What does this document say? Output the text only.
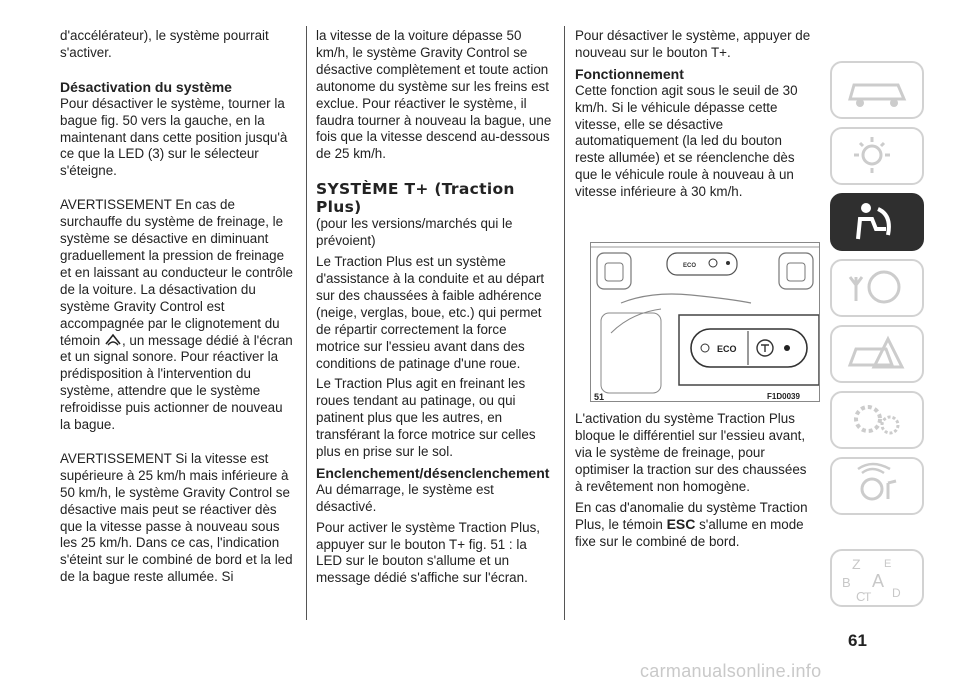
d'accélérateur), le système pourrait s'activer.

Désactivation du système

Pour désactiver le système, tourner la bague fig. 50 vers la gauche, en la maintenant dans cette position jusqu'à ce que la LED (3) sur le sélecteur s'éteigne.

AVERTISSEMENT En cas de surchauffe du système de freinage, le système se désactive en diminuant graduellement la pression de freinage et en laissant au conducteur le contrôle de la voiture. La désactivation du système Gravity Control est accompagnée par le clignotement du témoin , un message dédié à l'écran et un signal sonore. Pour réactiver la prédisposition à l'intervention du système, attendre que le système refroidisse puis actionner de nouveau la bague.

AVERTISSEMENT Si la vitesse est supérieure à 25 km/h mais inférieure à 50 km/h, le système Gravity Control se désactive mais peut se réactiver dès que la vitesse passe à nouveau sous les 25 km/h. Dans ce cas, l'indication s'éteint sur le combiné de bord et la led de la bague reste allumée. Si

la vitesse de la voiture dépasse 50 km/h, le système Gravity Control se désactive complètement et toute action autonome du système sur les freins est exclue. Pour réactiver le système, il faudra tourner à nouveau la bague, une fois que la vitesse descend au-dessous de 25 km/h.

SYSTÈME T+ (Traction Plus)

(pour les versions/marchés qui le prévoient)

Le Traction Plus est un système d'assistance à la conduite et au départ sur des chaussées à faible adhérence (neige, verglas, boue, etc.) qui permet de répartir correctement la force motrice sur l'essieu avant dans des conditions de patinage d'une roue.

Le Traction Plus agit en freinant les roues tendant au patinage, ou qui patinent plus que les autres, en transférant la force motrice sur celles plus en prise sur le sol.

Enclenchement/désenclenchement

Au démarrage, le système est désactivé.

Pour activer le système Traction Plus, appuyer sur le bouton T+ fig. 51 : la LED sur le bouton s'allume et un message dédié s'affiche sur l'écran.

Pour désactiver le système, appuyer de nouveau sur le bouton T+.

Fonctionnement

Cette fonction agit sous le seuil de 30 km/h. Si le véhicule dépasse cette vitesse, elle se désactive automatiquement (la led du bouton reste allumée) et se réenclenche dès que le véhicule roule à nouveau à un vitesse inférieure à 30 km/h.

L'activation du système Traction Plus bloque le différentiel sur l'essieu avant, via le système de freinage, pour optimiser la traction sur des chaussées à revêtement non homogène.

En cas d'anomalie du système Traction Plus, le témoin ESC s'allume en mode fixe sur le combiné de bord.

ECO
ECO
51	F1D0039
Z E
B A
C D
T
61
carmanualsonline.info
